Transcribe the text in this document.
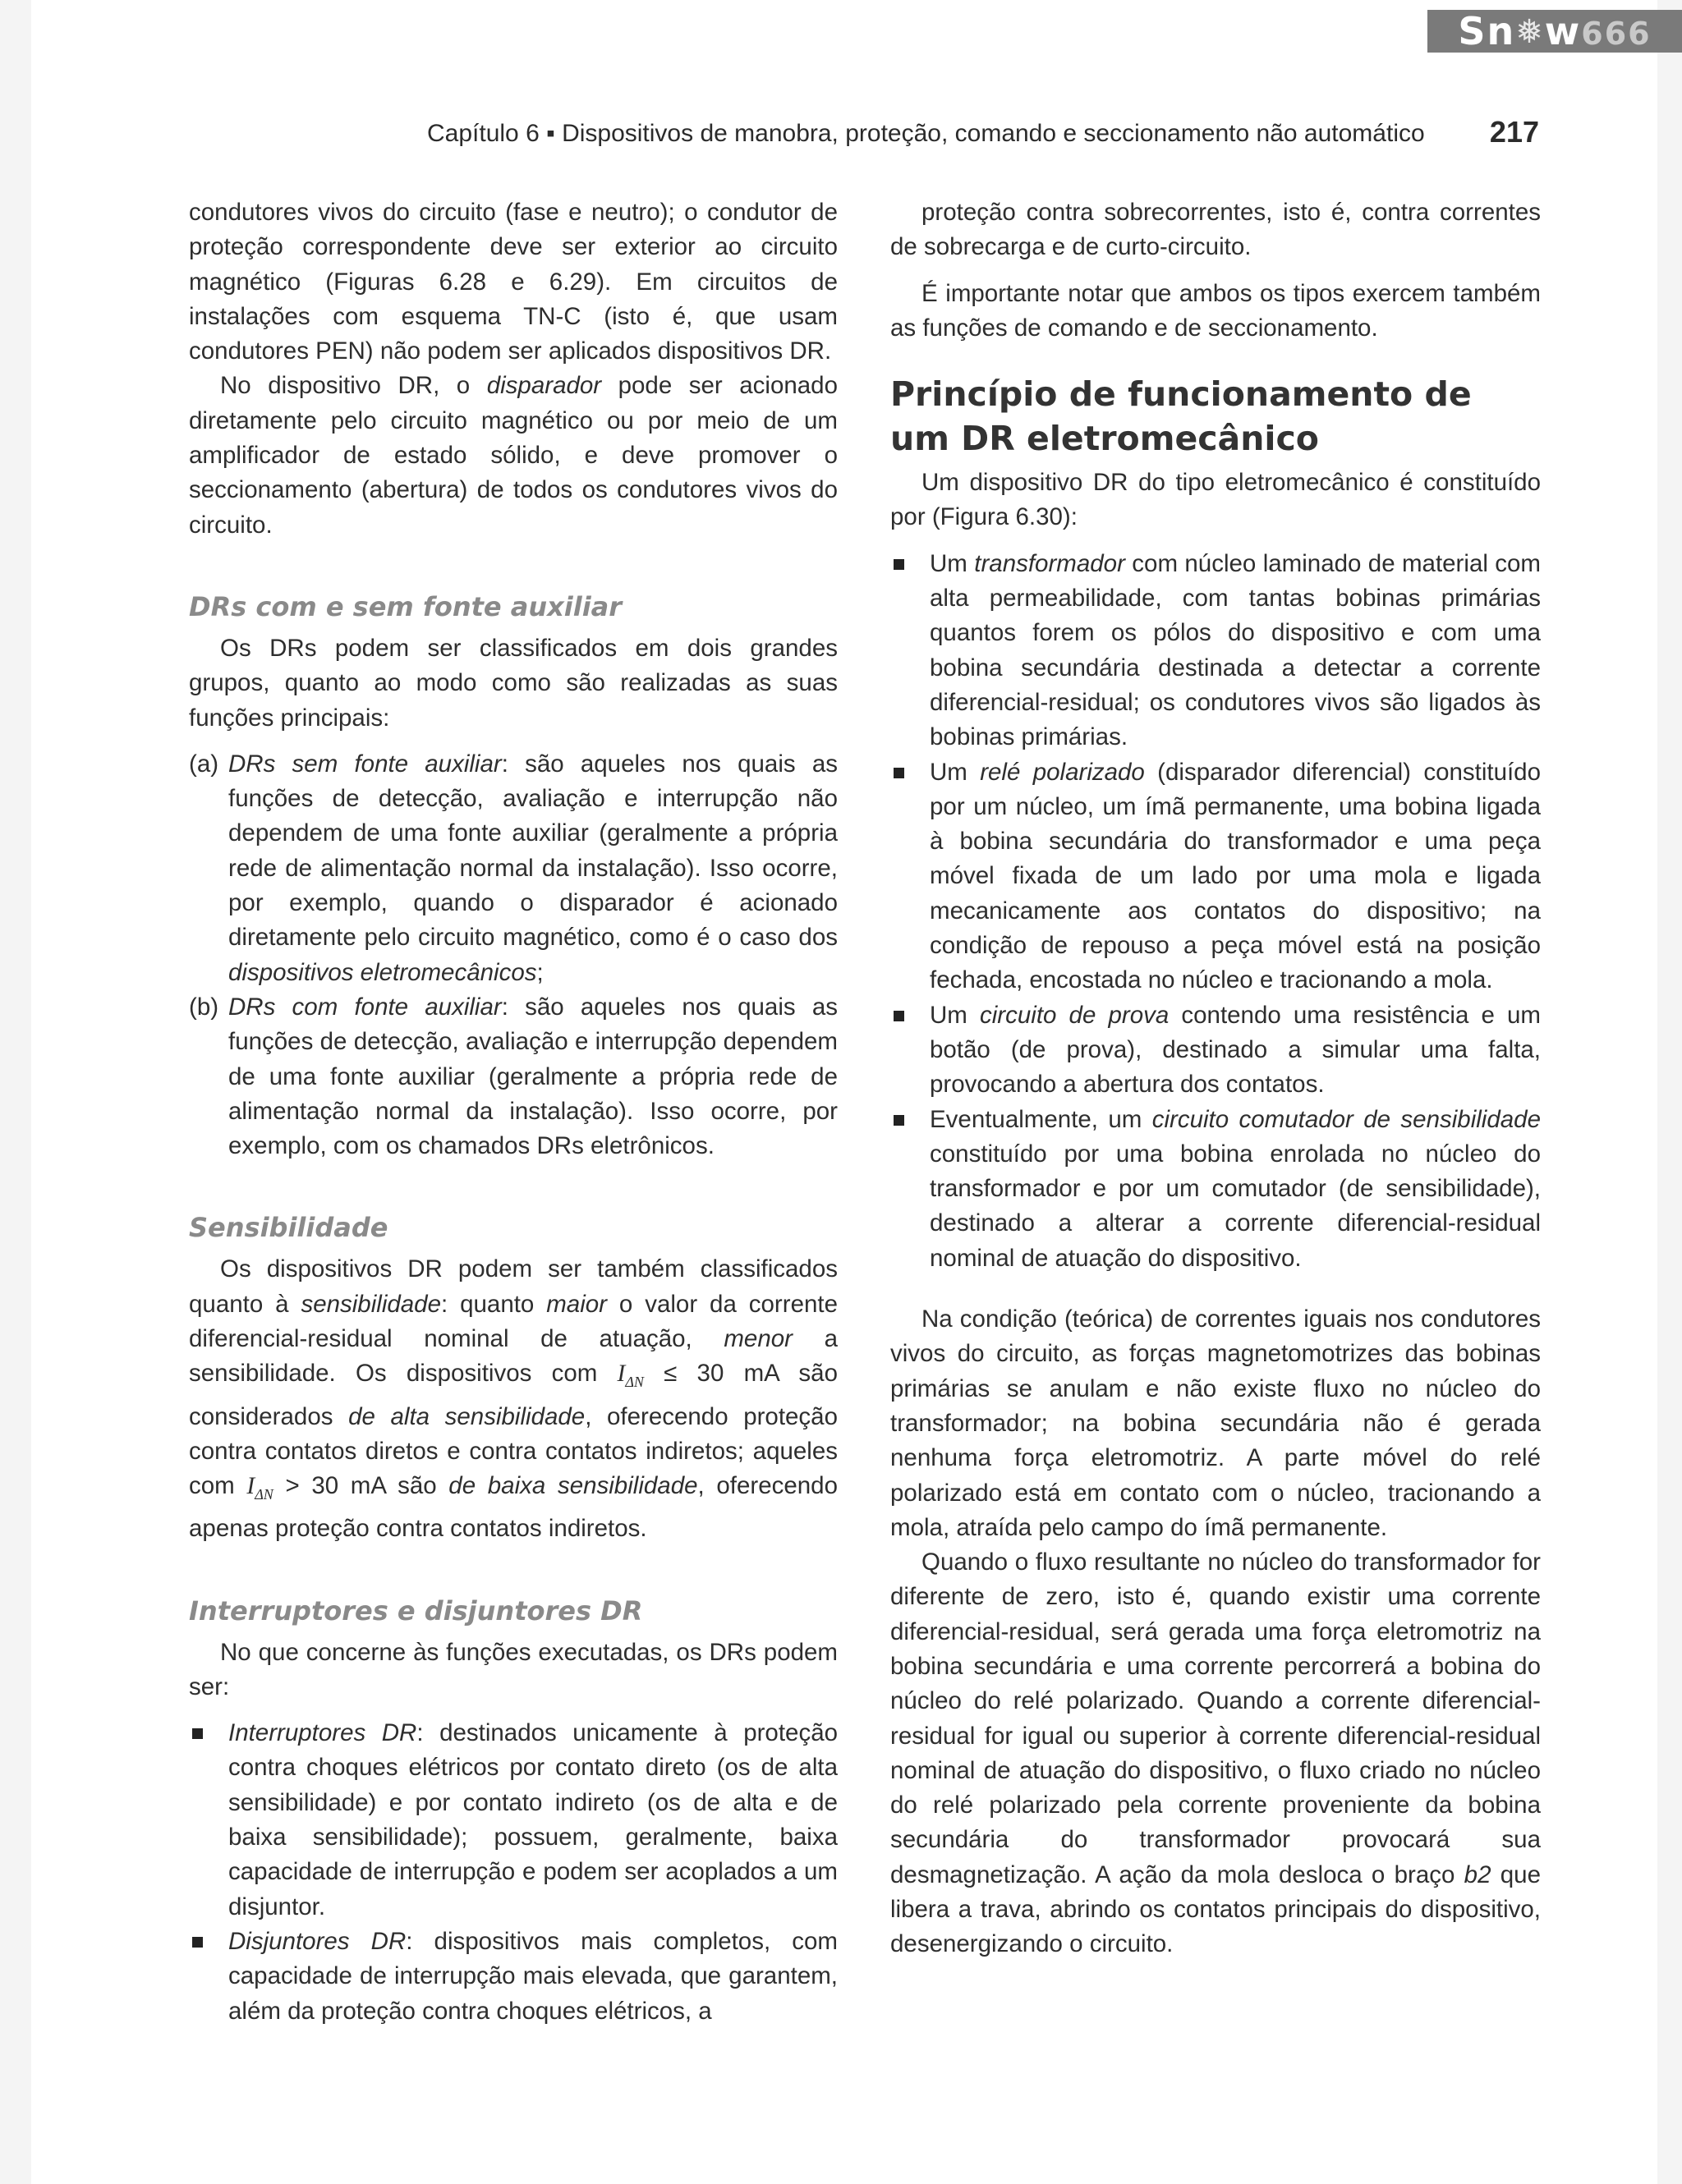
Sn❅w666
Capítulo 6 ▪ Dispositivos de manobra, proteção, comando e seccionamento não automático 217

condutores vivos do circuito (fase e neutro); o condutor de proteção correspondente deve ser exterior ao circuito magnético (Figuras 6.28 e 6.29). Em circuitos de instalações com esquema TN-C (isto é, que usam condutores PEN) não podem ser aplicados dispositivos DR.

No dispositivo DR, o disparador pode ser acionado diretamente pelo circuito magnético ou por meio de um amplificador de estado sólido, e deve promover o seccionamento (abertura) de todos os condutores vivos do circuito.

DRs com e sem fonte auxiliar

Os DRs podem ser classificados em dois grandes grupos, quanto ao modo como são realizadas as suas funções principais:

(a) DRs sem fonte auxiliar: são aqueles nos quais as funções de detecção, avaliação e interrupção não dependem de uma fonte auxiliar (geralmente a própria rede de alimentação normal da instalação). Isso ocorre, por exemplo, quando o disparador é acionado diretamente pelo circuito magnético, como é o caso dos dispositivos eletromecânicos;
(b) DRs com fonte auxiliar: são aqueles nos quais as funções de detecção, avaliação e interrupção dependem de uma fonte auxiliar (geralmente a própria rede de alimentação normal da instalação). Isso ocorre, por exemplo, com os chamados DRs eletrônicos.
Sensibilidade

Os dispositivos DR podem ser também classificados quanto à sensibilidade: quanto maior o valor da corrente diferencial-residual nominal de atuação, menor a sensibilidade. Os dispositivos com $I_{\Delta N} \le 30$ mA são considerados de alta sensibilidade, oferecendo proteção contra contatos diretos e contra contatos indiretos; aqueles com $I_{\Delta N} > 30$ mA são de baixa sensibilidade, oferecendo apenas proteção contra contatos indiretos.

Interruptores e disjuntores DR

No que concerne às funções executadas, os DRs podem ser:

Interruptores DR: destinados unicamente à proteção contra choques elétricos por contato direto (os de alta sensibilidade) e por contato indireto (os de alta e de baixa sensibilidade); possuem, geralmente, baixa capacidade de interrupção e podem ser acoplados a um disjuntor.
Disjuntores DR: dispositivos mais completos, com capacidade de interrupção mais elevada, que garantem, além da proteção contra choques elétricos, a

proteção contra sobrecorrentes, isto é, contra correntes de sobrecarga e de curto-circuito.

É importante notar que ambos os tipos exercem também as funções de comando e de seccionamento.

Princípio de funcionamento de um DR eletromecânico

Um dispositivo DR do tipo eletromecânico é constituído por (Figura 6.30):

Um transformador com núcleo laminado de material com alta permeabilidade, com tantas bobinas primárias quantos forem os pólos do dispositivo e com uma bobina secundária destinada a detectar a corrente diferencial-residual; os condutores vivos são ligados às bobinas primárias.
Um relé polarizado (disparador diferencial) constituído por um núcleo, um ímã permanente, uma bobina ligada à bobina secundária do transformador e uma peça móvel fixada de um lado por uma mola e ligada mecanicamente aos contatos do dispositivo; na condição de repouso a peça móvel está na posição fechada, encostada no núcleo e tracionando a mola.
Um circuito de prova contendo uma resistência e um botão (de prova), destinado a simular uma falta, provocando a abertura dos contatos.
Eventualmente, um circuito comutador de sensibilidade constituído por uma bobina enrolada no núcleo do transformador e por um comutador (de sensibilidade), destinado a alterar a corrente diferencial-residual nominal de atuação do dispositivo.

Na condição (teórica) de correntes iguais nos condutores vivos do circuito, as forças magnetomotrizes das bobinas primárias se anulam e não existe fluxo no núcleo do transformador; na bobina secundária não é gerada nenhuma força eletromotriz. A parte móvel do relé polarizado está em contato com o núcleo, tracionando a mola, atraída pelo campo do ímã permanente.

Quando o fluxo resultante no núcleo do transformador for diferente de zero, isto é, quando existir uma corrente diferencial-residual, será gerada uma força eletromotriz na bobina secundária e uma corrente percorrerá a bobina do núcleo do relé polarizado. Quando a corrente diferencial-residual for igual ou superior à corrente diferencial-residual nominal de atuação do dispositivo, o fluxo criado no núcleo do relé polarizado pela corrente proveniente da bobina secundária do transformador provocará sua desmagnetização. A ação da mola desloca o braço b2 que libera a trava, abrindo os contatos principais do dispositivo, desenergizando o circuito.
